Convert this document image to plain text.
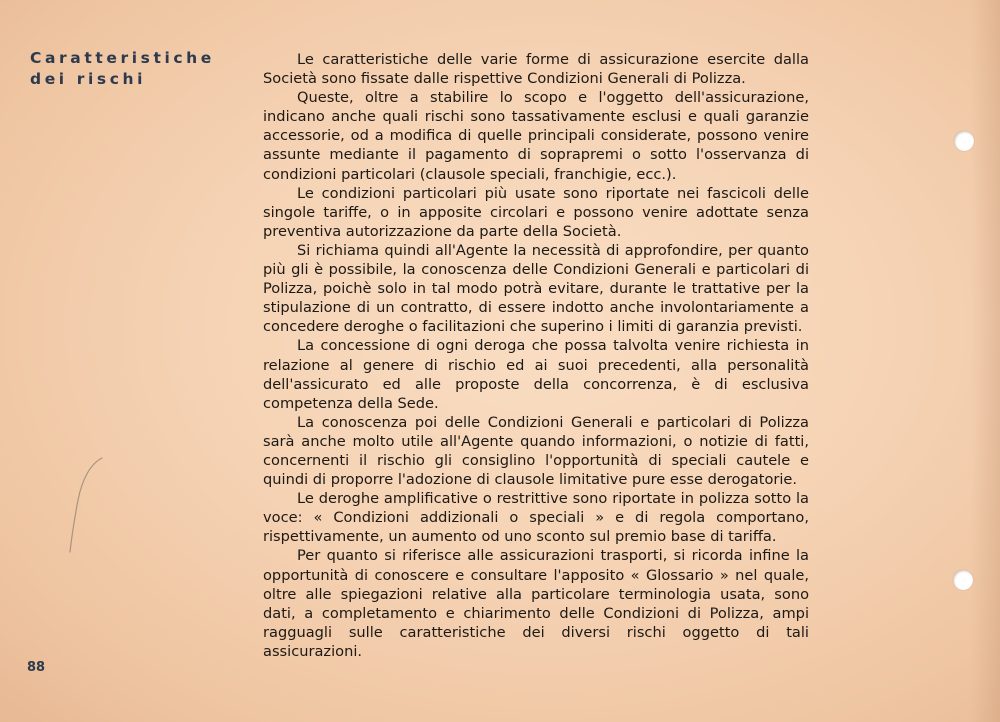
Caratteristiche
dei rischi

Le caratteristiche delle varie forme di assicurazione esercite dalla Società sono fissate dalle rispettive Condizioni Generali di Polizza.

Queste, oltre a stabilire lo scopo e l'oggetto dell'assicurazione, indicano anche quali rischi sono tassativamente esclusi e quali garanzie accessorie, od a modifica di quelle principali considerate, possono venire assunte mediante il pagamento di soprapremi o sotto l'osservanza di condizioni particolari (clausole speciali, franchigie, ecc.).

Le condizioni particolari più usate sono riportate nei fascicoli delle singole tariffe, o in apposite circolari e possono venire adottate senza preventiva autorizzazione da parte della Società.

Si richiama quindi all'Agente la necessità di approfondire, per quanto più gli è possibile, la conoscenza delle Condizioni Generali e particolari di Polizza, poichè solo in tal modo potrà evitare, durante le trattative per la stipulazione di un contratto, di essere indotto anche involontariamente a concedere deroghe o facilitazioni che superino i limiti di garanzia previsti.

La concessione di ogni deroga che possa talvolta venire richiesta in relazione al genere di rischio ed ai suoi precedenti, alla personalità dell'assicurato ed alle proposte della concorrenza, è di esclusiva competenza della Sede.

La conoscenza poi delle Condizioni Generali e particolari di Polizza sarà anche molto utile all'Agente quando informazioni, o notizie di fatti, concernenti il rischio gli consiglino l'opportunità di speciali cautele e quindi di proporre l'adozione di clausole limitative pure esse derogatorie.

Le deroghe amplificative o restrittive sono riportate in polizza sotto la voce: « Condizioni addizionali o speciali » e di regola comportano, rispettivamente, un aumento od uno sconto sul premio base di tariffa.

Per quanto si riferisce alle assicurazioni trasporti, si ricorda infine la opportunità di conoscere e consultare l'apposito « Glossario » nel quale, oltre alle spiegazioni relative alla particolare terminologia usata, sono dati, a completamento e chiarimento delle Condizioni di Polizza, ampi ragguagli sulle caratteristiche dei diversi rischi oggetto di tali assicurazioni.

88
